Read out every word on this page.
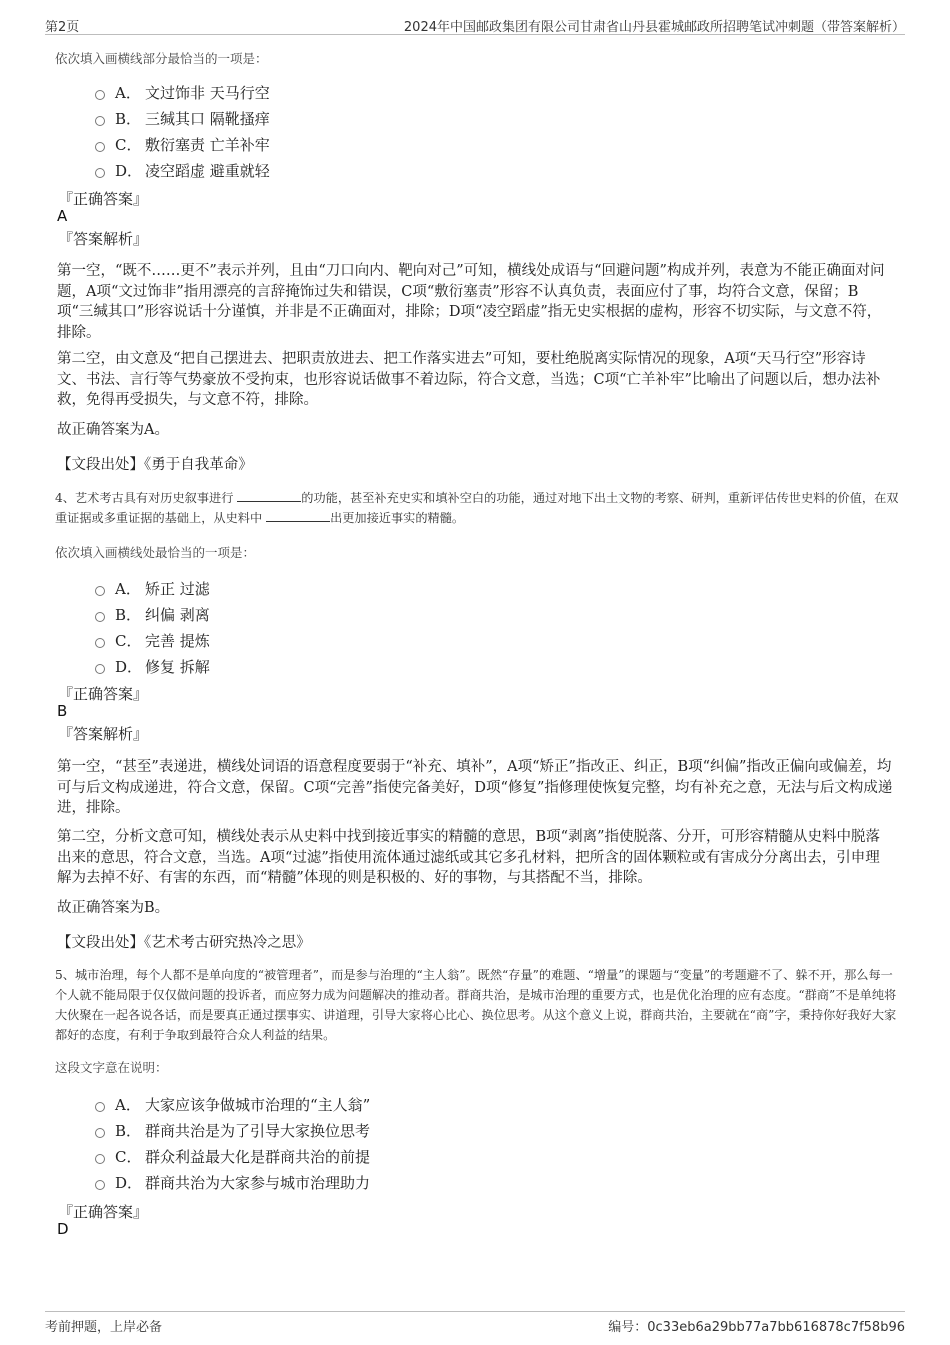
第2页	2024年中国邮政集团有限公司甘肃省山丹县霍城邮政所招聘笔试冲刺题（带答案解析）
依次填入画横线部分最恰当的一项是：
A． 文过饰非 天马行空
B． 三缄其口 隔靴搔痒
C． 敷衍塞责 亡羊补牢
D． 凌空蹈虚 避重就轻
『正确答案』
A
『答案解析』
第一空，“既不……更不”表示并列，且由“刀口向内、靶向对己”可知，横线处成语与“回避问题”构成并列，表意为不能正确面对问题，A项“文过饰非”指用漂亮的言辞掩饰过失和错误，C项“敷衍塞责”形容不认真负责，表面应付了事，均符合文意，保留；B项“三缄其口”形容说话十分谨慎，并非是不正确面对，排除；D项“凌空蹈虚”指无史实根据的虚构，形容不切实际，与文意不符，排除。
第二空，由文意及“把自己摆进去、把职责放进去、把工作落实进去”可知，要杜绝脱离实际情况的现象，A项“天马行空”形容诗文、书法、言行等气势豪放不受拘束，也形容说话做事不着边际，符合文意，当选；C项“亡羊补牢”比喻出了问题以后，想办法补救，免得再受损失，与文意不符，排除。
故正确答案为A。
【文段出处】《勇于自我革命》
4、艺术考古具有对历史叙事进行	的功能，甚至补充史实和填补空白的功能，通过对地下出土文物的考察、研判，重新评估传世史料的价值，在双重证据或多重证据的基础上，从史料中	出更加接近事实的精髓。
依次填入画横线处最恰当的一项是：
A． 矫正 过滤
B． 纠偏 剥离
C． 完善 提炼
D． 修复 拆解
『正确答案』
B
『答案解析』
第一空，“甚至”表递进，横线处词语的语意程度要弱于“补充、填补”，A项“矫正”指改正、纠正，B项“纠偏”指改正偏向或偏差，均可与后文构成递进，符合文意，保留。C项“完善”指使完备美好，D项“修复”指修理使恢复完整，均有补充之意，无法与后文构成递进，排除。
第二空，分析文意可知，横线处表示从史料中找到接近事实的精髓的意思，B项“剥离”指使脱落、分开，可形容精髓从史料中脱落出来的意思，符合文意，当选。A项“过滤”指使用流体通过滤纸或其它多孔材料，把所含的固体颗粒或有害成分分离出去，引申理解为去掉不好、有害的东西，而“精髓”体现的则是积极的、好的事物，与其搭配不当，排除。
故正确答案为B。
【文段出处】《艺术考古研究热冷之思》
5、城市治理，每个人都不是单向度的“被管理者”，而是参与治理的“主人翁”。既然“存量”的难题、“增量”的课题与“变量”的考题避不了、躲不开，那么每一个人就不能局限于仅仅做问题的投诉者，而应努力成为问题解决的推动者。群商共治，是城市治理的重要方式，也是优化治理的应有态度。“群商”不是单纯将大伙聚在一起各说各话，而是要真正通过摆事实、讲道理，引导大家将心比心、换位思考。从这个意义上说，群商共治，主要就在“商”字，秉持你好我好大家都好的态度，有利于争取到最符合众人利益的结果。
这段文字意在说明：
A． 大家应该争做城市治理的“主人翁”
B． 群商共治是为了引导大家换位思考
C． 群众利益最大化是群商共治的前提
D． 群商共治为大家参与城市治理助力
『正确答案』
D
考前押题，上岸必备	编号：0c33eb6a29bb77a7bb616878c7f58b96
